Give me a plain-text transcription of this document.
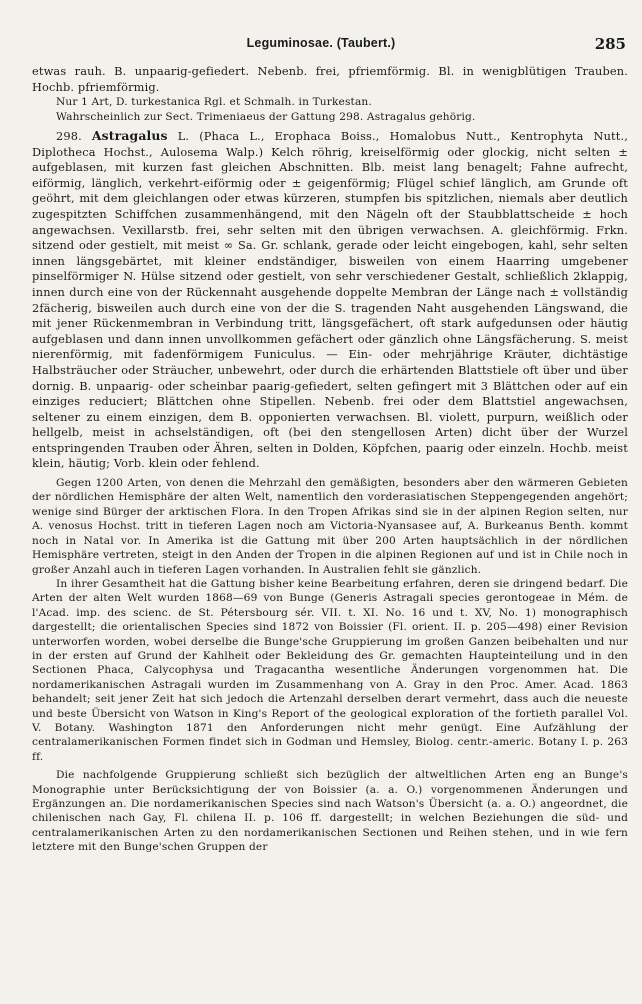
Leguminosae. (Taubert.)	285

etwas rauh. B. unpaarig-gefiedert. Nebenb. frei, pfriemförmig. Bl. in wenigblütigen Trauben. Hochb. pfriemförmig.

Nur 1 Art, D. turkestanica Rgl. et Schmalh. in Turkestan.

Wahrscheinlich zur Sect. Trimeniaeus der Gattung 298. Astragalus gehörig.

298. Astragalus L. (Phaca L., Erophaca Boiss., Homalobus Nutt., Kentrophyta Nutt., Diplotheca Hochst., Aulosema Walp.) Kelch röhrig, kreiselförmig oder glockig, nicht selten ± aufgeblasen, mit kurzen fast gleichen Abschnitten. Blb. meist lang benagelt; Fahne aufrecht, eiförmig, länglich, verkehrt-eiförmig oder ± geigenförmig; Flügel schief länglich, am Grunde oft geöhrt, mit dem gleichlangen oder etwas kürzeren, stumpfen bis spitzlichen, niemals aber deutlich zugespitzten Schiffchen zusammenhängend, mit den Nägeln oft der Staubblattscheide ± hoch angewachsen. Vexillarstb. frei, sehr selten mit den übrigen verwachsen. A. gleichförmig. Frkn. sitzend oder gestielt, mit meist ∞ Sa. Gr. schlank, gerade oder leicht eingebogen, kahl, sehr selten innen längsgebärtet, mit kleiner endständiger, bisweilen von einem Haarring umgebener pinselförmiger N. Hülse sitzend oder gestielt, von sehr verschiedener Gestalt, schließlich 2klappig, innen durch eine von der Rückennaht ausgehende doppelte Membran der Länge nach ± vollständig 2fächerig, bisweilen auch durch eine von der die S. tragenden Naht ausgehenden Längswand, die mit jener Rückenmembran in Verbindung tritt, längsgefächert, oft stark aufgedunsen oder häutig aufgeblasen und dann innen unvollkommen gefächert oder gänzlich ohne Längsfächerung. S. meist nierenförmig, mit fadenförmigem Funiculus. — Ein- oder mehrjährige Kräuter, dichtästige Halbsträucher oder Sträucher, unbewehrt, oder durch die erhärtenden Blattstiele oft über und über dornig. B. unpaarig- oder scheinbar paarig-gefiedert, selten gefingert mit 3 Blättchen oder auf ein einziges reduciert; Blättchen ohne Stipellen. Nebenb. frei oder dem Blattstiel angewachsen, seltener zu einem einzigen, dem B. opponierten verwachsen. Bl. violett, purpurn, weißlich oder hellgelb, meist in achselständigen, oft (bei den stengellosen Arten) dicht über der Wurzel entspringenden Trauben oder Ähren, selten in Dolden, Köpfchen, paarig oder einzeln. Hochb. meist klein, häutig; Vorb. klein oder fehlend.

Gegen 1200 Arten, von denen die Mehrzahl den gemäßigten, besonders aber den wärmeren Gebieten der nördlichen Hemisphäre der alten Welt, namentlich den vorderasiatischen Steppengegenden angehört; wenige sind Bürger der arktischen Flora. In den Tropen Afrikas sind sie in der alpinen Region selten, nur A. venosus Hochst. tritt in tieferen Lagen noch am Victoria-Nyansasee auf, A. Burkeanus Benth. kommt noch in Natal vor. In Amerika ist die Gattung mit über 200 Arten hauptsächlich in der nördlichen Hemisphäre vertreten, steigt in den Anden der Tropen in die alpinen Regionen auf und ist in Chile noch in großer Anzahl auch in tieferen Lagen vorhanden. In Australien fehlt sie gänzlich.

In ihrer Gesamtheit hat die Gattung bisher keine Bearbeitung erfahren, deren sie dringend bedarf. Die Arten der alten Welt wurden 1868—69 von Bunge (Generis Astragali species gerontogeae in Mém. de l'Acad. imp. des scienc. de St. Pétersbourg sér. VII. t. XI. No. 16 und t. XV, No. 1) monographisch dargestellt; die orientalischen Species sind 1872 von Boissier (Fl. orient. II. p. 205—498) einer Revision unterworfen worden, wobei derselbe die Bunge'sche Gruppierung im großen Ganzen beibehalten und nur in der ersten auf Grund der Kahlheit oder Bekleidung des Gr. gemachten Haupteinteilung und in den Sectionen Phaca, Calycophysa und Tragacantha wesentliche Änderungen vorgenommen hat. Die nordamerikanischen Astragali wurden im Zusammenhang von A. Gray in den Proc. Amer. Acad. 1863 behandelt; seit jener Zeit hat sich jedoch die Artenzahl derselben derart vermehrt, dass auch die neueste und beste Übersicht von Watson in King's Report of the geological exploration of the fortieth parallel Vol. V. Botany. Washington 1871 den Anforderungen nicht mehr genügt. Eine Aufzählung der centralamerikanischen Formen findet sich in Godman und Hemsley, Biolog. centr.-americ. Botany I. p. 263 ff.

Die nachfolgende Gruppierung schließt sich bezüglich der altweltlichen Arten eng an Bunge's Monographie unter Berücksichtigung der von Boissier (a. a. O.) vorgenommenen Änderungen und Ergänzungen an. Die nordamerikanischen Species sind nach Watson's Übersicht (a. a. O.) angeordnet, die chilenischen nach Gay, Fl. chilena II. p. 106 ff. dargestellt; in welchen Beziehungen die süd- und centralamerikanischen Arten zu den nordamerikanischen Sectionen und Reihen stehen, und in wie fern letztere mit den Bunge'schen Gruppen der
